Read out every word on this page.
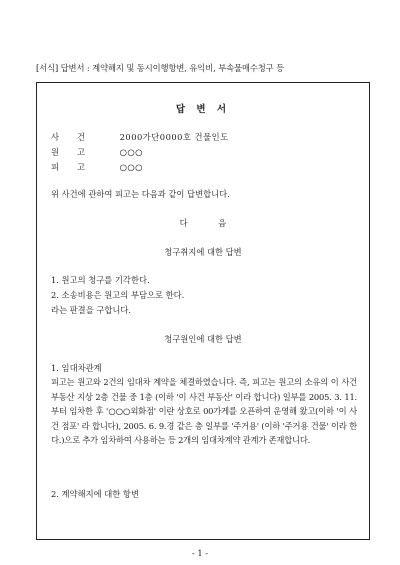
[서식] 답변서 : 계약해지 및 동시이행항변, 유익비, 부속물매수청구 등
답 변 서
사건 2000가단0000호 건물인도
원고 ○○○
피고 ○○○
위 사건에 관하여 피고는 다음과 같이 답변합니다.
다 음
청구취지에 대한 답변
1. 원고의 청구를 기각한다.
2. 소송비용은 원고의 부담으로 한다.
라는 판결을 구합니다.
청구원인에 대한 답변
1. 임대차관계
피고는 원고와 2건의 임대차 계약을 체결하였습니다. 즉, 피고는 원고의 소유의 이 사건 부동산 지상 2층 건물 중 1층 (이하 '이 사건 부동산' 이라 합니다) 일부를 2005. 3. 11.부터 임차한 후 '○○○외화점' 이란 상호로 00가게를 오픈하여 운영해 왔고(이하 '이 사건 점포' 라 합니다), 2005. 6. 9.경 같은 층 일부를 '주거용' (이하 '주거용 건물' 이라 한다.)으로 추가 임차하여 사용하는 등 2개의 임대차계약 관계가 존재합니다.
2. 계약해지에 대한 항변
- 1 -
